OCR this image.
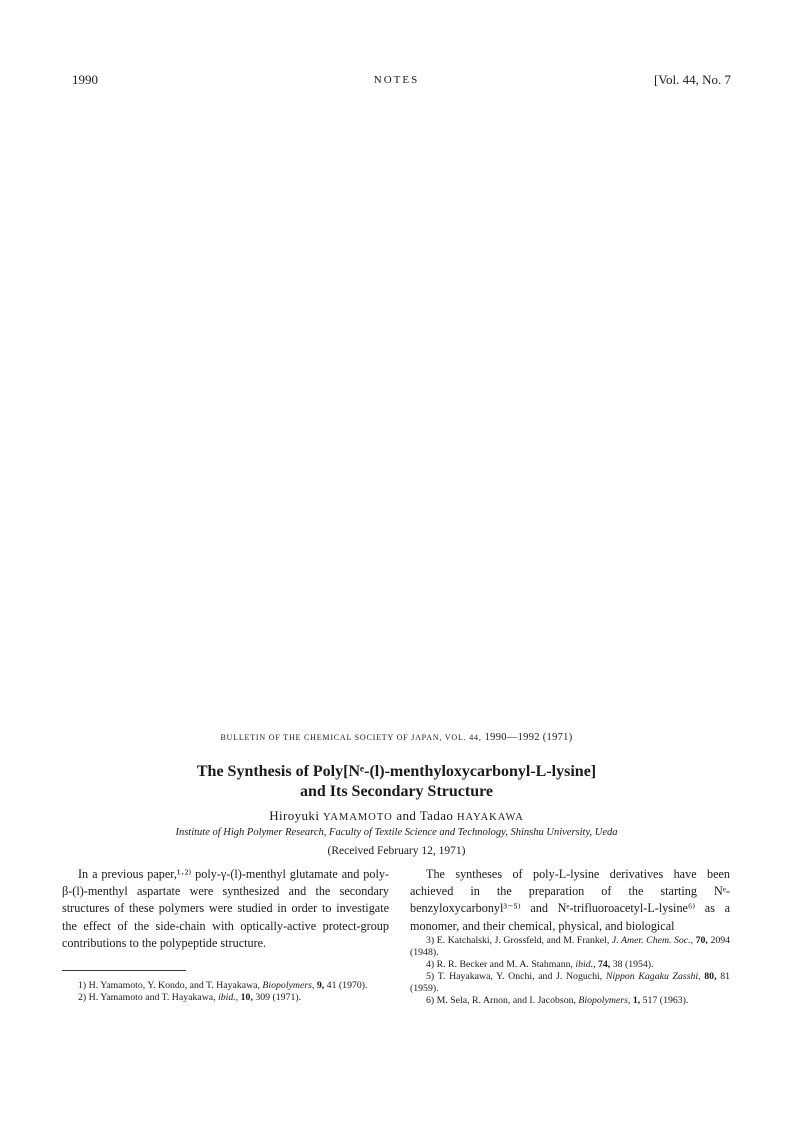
1990	NOTES	[Vol. 44, No. 7
BULLETIN OF THE CHEMICAL SOCIETY OF JAPAN, VOL. 44, 1990—1992 (1971)
The Synthesis of Poly[Nᵉ-(l)-menthyloxycarbonyl-L-lysine]
and Its Secondary Structure
Hiroyuki YAMAMOTO and Tadao HAYAKAWA
Institute of High Polymer Research, Faculty of Textile Science and Technology, Shinshu University, Ueda
(Received February 12, 1971)

In a previous paper,¹·²⁾ poly-γ-(l)-menthyl glutamate and poly-β-(l)-menthyl aspartate were synthesized and the secondary structures of these polymers were studied in order to investigate the effect of the side-chain with optically-active protect-group contributions to the polypeptide structure.

The syntheses of poly-L-lysine derivatives have been achieved in the preparation of the starting Nᵉ-benzyloxycarbonyl³⁻⁵⁾ and Nᵉ-trifluoroacetyl-L-lysine⁶⁾ as a monomer, and their chemical, physical, and biological

1) H. Yamamoto, Y. Kondo, and T. Hayakawa, Biopolymers, 9, 41 (1970).

2) H. Yamamoto and T. Hayakawa, ibid., 10, 309 (1971).

3) E. Katchalski, J. Grossfeld, and M. Frankel, J. Amer. Chem. Soc., 70, 2094 (1948).

4) R. R. Becker and M. A. Stahmann, ibid., 74, 38 (1954).

5) T. Hayakawa, Y. Onchi, and J. Noguchi, Nippon Kagaku Zasshi, 80, 81 (1959).

6) M. Sela, R. Arnon, and I. Jacobson, Biopolymers, 1, 517 (1963).
